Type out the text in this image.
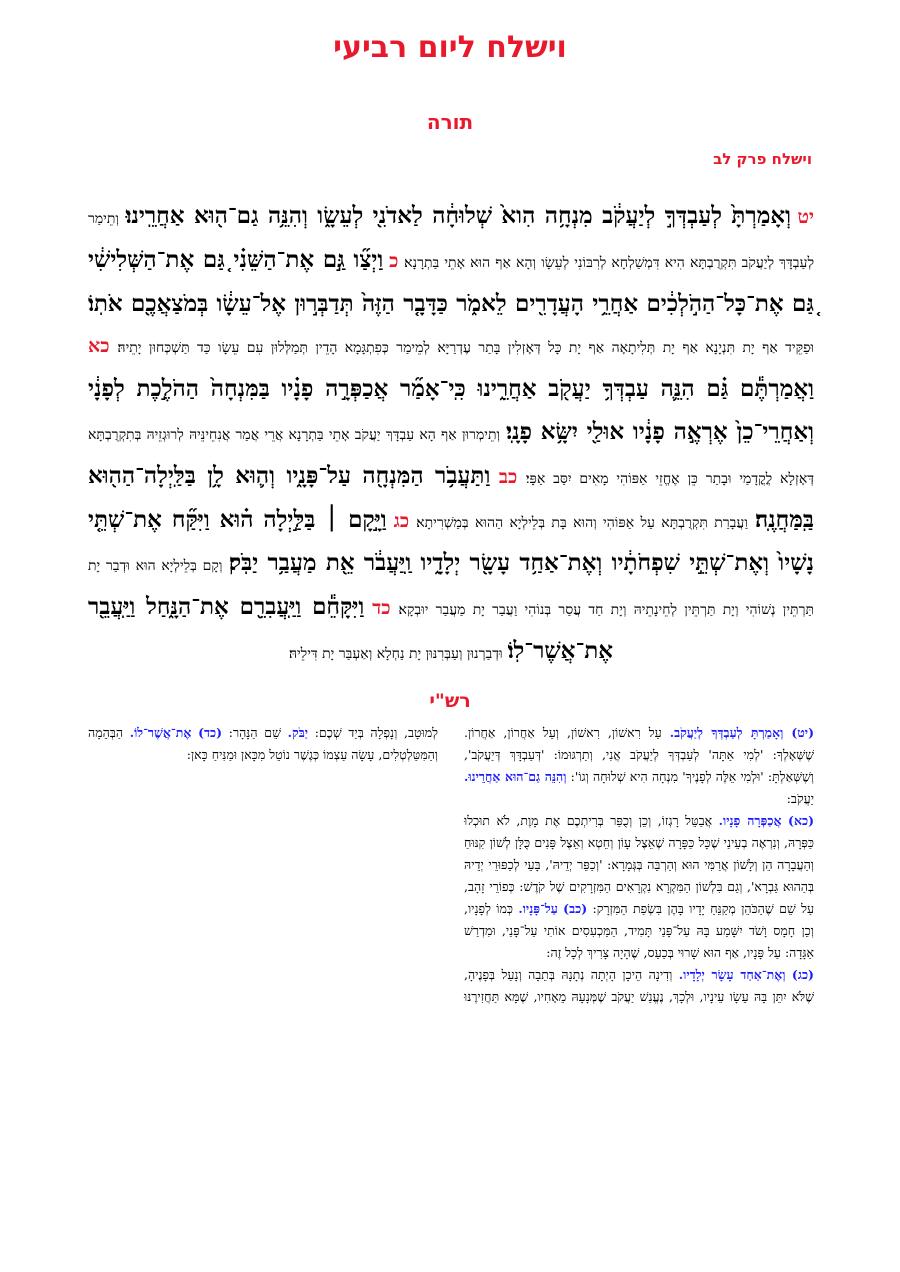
וישלח ליום רביעי
תורה
וישלח פרק לב
יט וְאָמַרְתָּ֙ לְעַבְדְּךָ֣ לְיַעֲקֹ֔ב מִנְחָ֥ה הִוא֙ שְׁלוּחָ֔ה לַאדֹנִ֖י לְעֵשָׂ֑ו וְהִנֵּ֥ה גַם־ה֖וּא אַחֲרֵֽינוּ׃ וְתֵימַר לְעַבְדָּךְ לְיַעֲקֹב תִּקְרֻבְתָּא הִיא דִּמְשַׁלְחָא לְרִבּוֹנִי לְעֵשָׂו וְהָא אַף הוּא אָתֵי בַּתְרָנָא׃ כ וַיְצַ֞ו גַּ֣ם אֶת־הַשֵּׁנִ֗י גַּ֚ם אֶת־הַשְּׁלִישִׁ֔י גַּ֚ם אֶת־כָּל־הַהֹ֣לְכִ֔ים אַחֲרֵ֥י הָעֲדָרִ֖ים לֵאמֹ֑ר כַּדָּבָ֤ר הַזֶּה֙ תְּדַבְּר֣וּן אֶל־עֵשָׂ֔ו בְּמֹצַאֲכֶ֖ם אֹתֽוֹ׃ וּפַקֵּיד אַף יָת תִּנְיָנָא אַף יָת תְּלִיתָאָה אַף יָת כָּל דְּאָזְלִין בָּתַר עֶדְרַיָּא לְמֵימַר כְּפִתְגָּמָא הָדֵין תְּמַלְּלוּן עִם עֵשָׂו כַּד תַּשְׁכְּחוּן יָתֵיהּ׃ כא וַאֲמַרְתֶּ֕ם גַּ֗ם הִנֵּ֛ה עַבְדְּךָ֥ יַעֲקֹ֖ב אַחֲרֵ֑ינוּ כִּֽי־אָמַ֞ר אֲכַפְּרָ֣ה פָנָ֗יו בַּמִּנְחָה֙ הַהֹלֶ֣כֶת לְפָנָ֔י וְאַחֲרֵי־כֵן֙ אֶרְאֶ֣ה פָנָ֔יו אוּלַ֖י יִשָּׂ֥א פָנָֽי׃ וְתֵימְרוּן אַף הָא עַבְדָּךְ יַעֲקֹב אָתֵי בַּתְרָנָא אֲרֵי אֲמַר אֲנִחֵינֵּיהּ לְרוּגְזֵיהּ בְּתִקְרֻבְתָּא דְּאָזְלָא לֳקֳדָמַי וּבָתַר כֵּן אֶחֱזֵי אַפּוֹהִי מָאִים יִסַּב אַפָּי׃ כב וַתַּעֲבֹ֥ר הַמִּנְחָ֖ה עַל־פָּנָ֑יו וְה֛וּא לָ֥ן בַּלַּֽיְלָה־הַה֖וּא בַּֽמַּחֲנֶֽה׃ וַעֲבָרַת תִּקְרֻבְתָּא עַל אַפּוֹהִי וְהוּא בָּת בְּלֵילְיָא הַהוּא בְּמַשְׁרִיתָא׃ כג וַיָּ֣קָם ׀ בַּלַּ֣יְלָה ה֗וּא וַיִּקַּ֞ח אֶת־שְׁתֵּ֤י נָשָׁיו֙ וְאֶת־שְׁתֵּ֣י שִׁפְחֹתָ֔יו וְאֶת־אַחַ֥ד עָשָׂ֖ר יְלָדָ֑יו וַֽיַּעֲבֹ֔ר אֵ֖ת מַעֲבַ֥ר יַבֹּֽק׃ וְקָם בְּלֵילְיָא הוּא וּדְבַר יָת תַּרְתֵּין נְשׁוֹהִי וְיָת תַּרְתֵּין לְחֵינָתֵיהּ וְיָת חַד עֲסַר בְּנוֹהִי וַעֲבַר יָת מַעֲבַר יוּבְקָא׃ כד וַיִּקָּחֵ֕ם וַיַּֽעֲבִרֵ֖ם אֶת־הַנָּ֑חַל וַיַּֽעֲבֵ֖ר אֶת־אֲשֶׁר־לֽוֹ׃ וּדְבַרְנוּן וְעַבְּרִנּוּן יָת נַחְלָא וְאַעְבַּר יָת דִּילֵיהּ׃
רש"י
(יט) וְאָמַרְתָּ לְעַבְדְּךָ לְיַעֲקֹב. עַל רִאשׁוֹן, רִאשׁוֹן, וְעַל אַחֲרוֹן, אַחֲרוֹן. שֶׁשְּׁאָלְךָ: 'לְמִי אַתָּה' לְעַבְדְּךָ לְיַעֲקֹב אֲנִי, וְתַרְגּוּמוֹ: 'דְּעַבְדָּךְ דְּיַעֲקֹב', וְשֶׁשְּׁאַלְתָּ: 'וּלְמִי אֵלֶּה לְפָנֶיךָ' מִנְחָה הִיא שְׁלוּחָה וְגוֹ': וְהִנֵּה גַם־הוּא אַחֲרֵינוּ. יַעֲקֹב:
(כא) אֲכַפְּרָה פָנָיו. אֲבַטֵּל רָגְזוֹ, וְכֵן וְכֻפַּר בְּרִיתְכֶם אֶת מָוֶת, לֹא תוּכְלוּ כַּפְּרָהּ, וְנִרְאֶה בְעֵינַי שֶׁכָּל כַּפָּרָה שֶׁאֵצֶל עָוֹן וְחֵטְא וְאֵצֶל פָּנִים כֻּלָּן לְשׁוֹן קִנּוּחַ וְהַעֲבָרָה הֵן וְלָשׁוֹן אֲרַמִּי הוּא וְהַרְבֵּה בְּגְּמָרָא: 'וְכַפֵּר יְדֵיהּ', בָּעֵי לְכַפּוּרֵי יְדֵיהּ בְּהַהוּא גַּבְרָא', וְגַם בִּלְשׁוֹן הַמִּקְרָא נִקְרָאִים הַמִּזְרָקִים שֶׁל קֹדֶשׁ: כְּפוֹרֵי זָהָב, עַל שֵׁם שֶׁהַכֹּהֵן מְקַנֵּחַ יָדָיו בָּהֶן בִּשְׂפַת הַמִּזְרָק: (כב) עַל־פָּנָיו. כְּמוֹ לְפָנָיו, וְכֵן חָמָס וָשֹׁד יִשָּׁמַע בָּהּ עַל־פָּנַי תָּמִיד, הַמַּכְעִסִים אוֹתִי עַל־פָּנַי, וּמִדְרַשׁ אַגָּדָה: עַל פָּנָיו, אַף הוּא שָׁרוּי בְּכַעַס, שֶׁהָיָה צָרִיךְ לְכָל זֶה:
(כג) וְאֶת־אַחַד עָשָׂר יְלָדָיו. וְדִינָה הֵיכָן הָיְתָה נְתָנָהּ בְּתֵבָה וְנָעַל בְּפָנֶיהָ, שֶׁלֹּא יִתֵּן בָּהּ עֵשָׂו עֵינָיו, וּלְכָךְ, נֶעֱנַשׁ יַעֲקֹב שֶׁמְּנָעָהּ מֵאָחִיו, שֶׁמָּא תַּחֲזִירֶנּוּ לְמוּטָב, וְנָפְלָה בְּיַד שְׁכֶם: יַבֹּק. שֵׁם הַנָּהָר: (כד) אֶת־אֲשֶׁר־לוֹ. הַבְּהֵמָה וְהַמִּטַּלְטְלִים, עָשָׂה עַצְמוֹ כְּגֶשֶׁר נוֹטֵל מִכָּאן וּמַנִּיחַ כָּאן:
